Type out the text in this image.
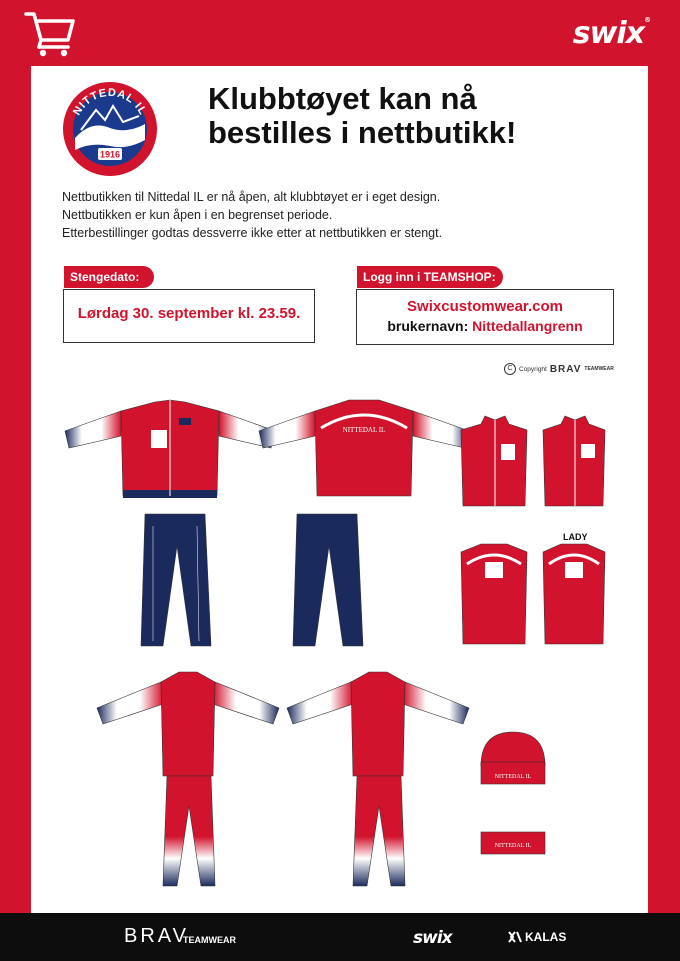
swix®
1916
NITTEDAL IL Klubbtøyet kan nå
bestilles i nettbutikk!
Nettbutikken til Nittedal IL er nå åpen, alt klubbtøyet er i eget design.
Nettbutikken er kun åpen i en begrenset periode.
Etterbestillinger godtas dessverre ikke etter at nettbutikken er stengt.
Stengedato:
Lørdag 30. september kl. 23.59.
Logg inn i TEAMSHOP:
Swixcustomwear.com
brukernavn: Nittedallangrenn
C Copyright BRAV TEAMWEAR
NITTEDAL IL
NITTEDAL IL
NITTEDAL IL
LADY
BRAV
TEAMWEAR	swix	KALAS
